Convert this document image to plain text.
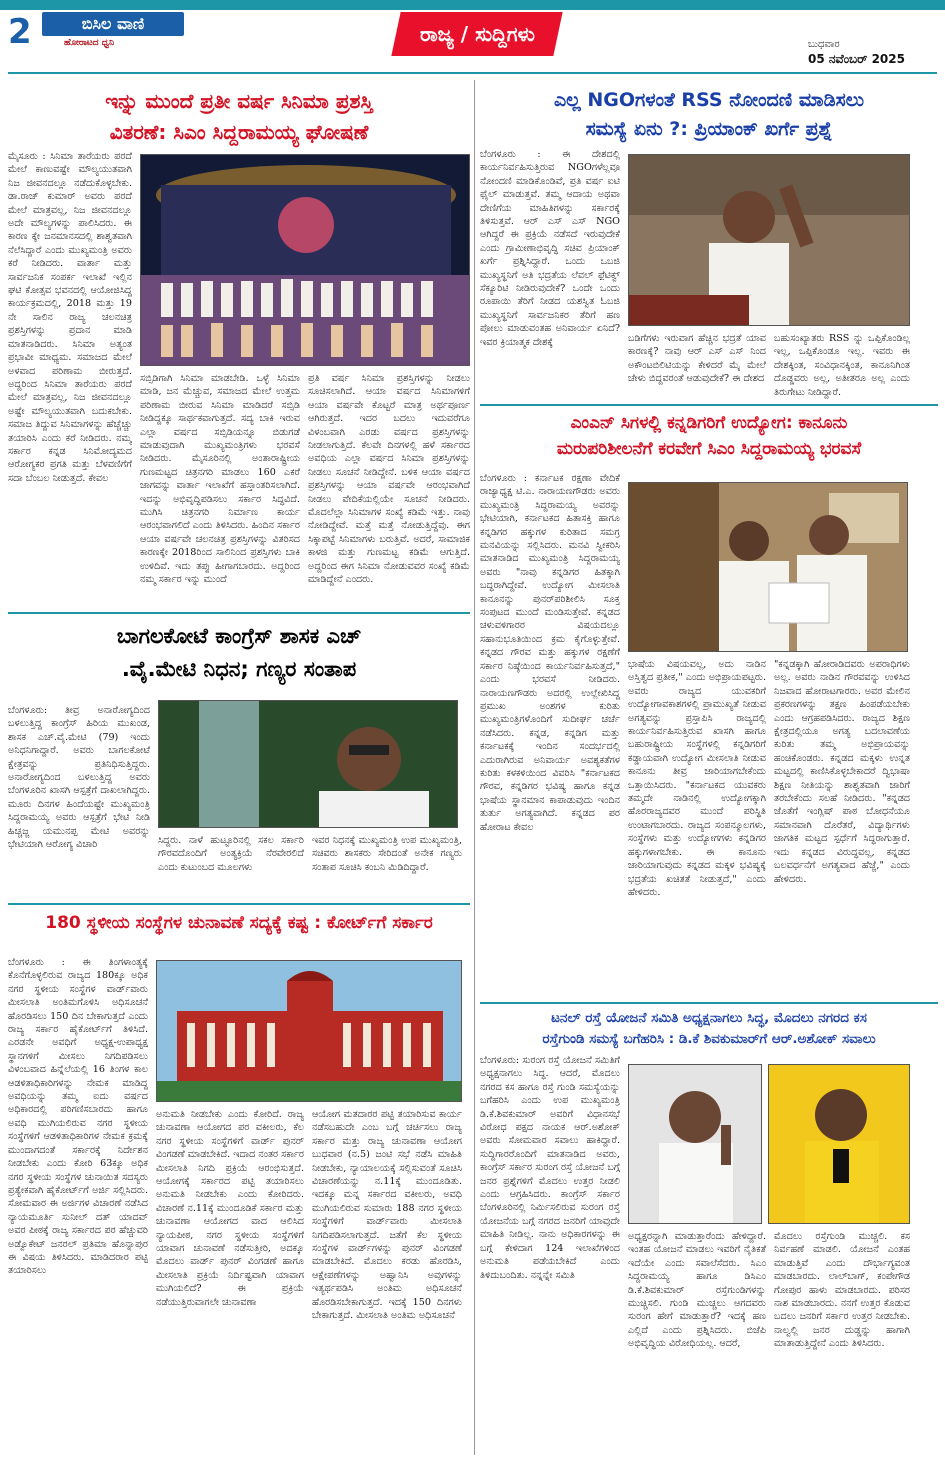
2	ಬಿಸಿಲ ವಾಣಿ
ಹೋರಾಟದ ಧ್ವನಿ	ರಾಜ್ಯ / ಸುದ್ದಿಗಳು	ಬುಧವಾರ
05 ನವೆಂಬರ್ 2025
ಇನ್ನು ಮುಂದೆ ಪ್ರತೀ ವರ್ಷ ಸಿನಿಮಾ ಪ್ರಶಸ್ತಿ
ವಿತರಣೆ: ಸಿಎಂ ಸಿದ್ದರಾಮಯ್ಯ ಘೋಷಣೆ
ಮೈಸೂರು : ಸಿನಿಮಾ ತಾರೆಯರು ಪರದೆ ಮೇಲೆ ಕಾಣುವಷ್ಟೇ ಮೌಲ್ಯಯುತವಾಗಿ ನಿಜ ಜೀವನದಲ್ಲೂ ನಡೆದುಕೊಳ್ಳಬೇಕು. ಡಾ.ರಾಜ್ ಕುಮಾರ್ ಅವರು ಪರದೆ ಮೇಲೆ ಮಾತ್ರವಲ್ಲ, ನಿಜ ಜೀವನದಲ್ಲೂ ಅದೇ ಮೌಲ್ಯಗಳನ್ನು ಪಾಲಿಸಿದರು. ಈ ಕಾರಣ ಕ್ಕೇ ಜನಮಾನಸದಲ್ಲಿ ಶಾಶ್ವತವಾಗಿ ನೆಲೆಸಿದ್ದಾರೆ ಎಂದು ಮುಖ್ಯಮಂತ್ರಿ ಅವರು ಕರೆ ನೀಡಿದರು. ವಾರ್ತಾ ಮತ್ತು ಸಾರ್ವಜನಿಕ ಸಂಪರ್ಕ ಇಲಾಖೆ ಇಲ್ಲಿನ ಘಟಿ ಕೋತ್ಸವ ಭವನದಲ್ಲಿ ಆಯೋಜಿಸಿದ್ದ ಕಾರ್ಯಕ್ರಮದಲ್ಲಿ, 2018 ಮತ್ತು 19 ನೇ ಸಾಲಿನ ರಾಜ್ಯ ಚಲನಚಿತ್ರ ಪ್ರಶಸ್ತಿಗಳನ್ನು ಪ್ರದಾನ ಮಾಡಿ ಮಾತನಾಡಿದರು. ಸಿನಿಮಾ ಅತ್ಯಂತ ಪ್ರಭಾವೀ ಮಾಧ್ಯಮ. ಸಮಾಜದ ಮೇಲೆ ಅಳವಾದ ಪರಿಣಾಮ ಬೀರುತ್ತದೆ. ಅದ್ದರಿಂದ ಸಿನಿಮಾ ತಾರೆಯರು ಪರದೆ ಮೇಲೆ ಮಾತ್ರವಲ್ಲ, ನಿಜ ಜೀವನದಲ್ಲೂ ಅಷ್ಟೇ ಮೌಲ್ಯಯುತವಾಗಿ ಬದುಕಬೇಕು. ಸಮಾಜ ತಿದ್ದುವ ಸಿನಿಮಾಗಳನ್ನು ಹೆಚ್ಚೆಚ್ಚು ತಯಾರಿಸಿ ಎಂದು ಕರೆ ನೀಡಿದರು. ನಮ್ಮ ಸರ್ಕಾರ ಕನ್ನಡ ಸಿನಿಮೋದ್ಯಮದ ಆರೋಗ್ಯಕರ ಪ್ರಗತಿ ಮತ್ತು ಬೆಳವಣಿಗೆಗೆ ಸದಾ ಬೆಂಬಲ ನೀಡುತ್ತದೆ. ಕೇವಲ
ಸಬ್ಸಿಡಿಗಾಗಿ ಸಿನಿಮಾ ಮಾಡಬೇಡಿ. ಒಳ್ಳೆ ಸಿನಿಮಾ ಮಾಡಿ, ಜನ ಮೆಚ್ಚುವ, ಸಮಾಜದ ಮೇಲೆ ಉತ್ತಮ ಪರಿಣಾಮ ಬೀರುವ ಸಿನಿಮಾ ಮಾಡಿದರೆ ಸಬ್ಸಿಡಿ ನೀಡಿದ್ದಕ್ಕೂ ಸಾರ್ಥಕವಾಗುತ್ತದೆ. ಸದ್ಯ ಬಾಕಿ ಇರುವ ಎಲ್ಲಾ ವರ್ಷದ ಸಬ್ಸಿಡಿಯನ್ನೂ ಬಿಡುಗಡೆ ಮಾಡುವುದಾಗಿ ಮುಖ್ಯಮಂತ್ರಿಗಳು ಭರವಸೆ ನೀಡಿದರು. ಮೈಸೂರಿನಲ್ಲಿ ಅಂತಾರಾಷ್ಟ್ರೀಯ ಗುಣಮಟ್ಟದ ಚಿತ್ರನಗರಿ ಮಾಡಲು 160 ಎಕರೆ ಜಾಗವನ್ನು ವಾರ್ತಾ ಇಲಾಖೆಗೆ ಹಸ್ತಾಂತರಿಸಲಾಗಿದೆ. ಇದನ್ನು ಅಭಿವೃದ್ಧಿಪಡಿಸಲು ಸರ್ಕಾರ ಸಿದ್ಧವಿದೆ. ಮುಗಿಸಿ ಚಿತ್ರನಗರಿ ನಿರ್ಮಾಣ ಕಾರ್ಯ ಆರಂಭವಾಗಲಿದೆ ಎಂದು ತಿಳಿಸಿದರು. ಹಿಂದಿನ ಸರ್ಕಾರ ಆಯಾ ವರ್ಷವೇ ಚಲನಚಿತ್ರ ಪ್ರಶಸ್ತಿಗಳನ್ನು ವಿತರಿಸದ ಕಾರಣಕ್ಕೇ 2018ರಿಂದ ಸಾಲಿನಿಂದ ಪ್ರಶಸ್ತಿಗಳು ಬಾಕಿ ಉಳಿದಿವೆ. ಇದು ತಪ್ಪು ಹೀಗಾಗಬಾರದು. ಅದ್ದರಿಂದ ನಮ್ಮ ಸರ್ಕಾರ ಇನ್ನು ಮುಂದೆ
ಪ್ರತಿ ವರ್ಷ ಸಿನಿಮಾ ಪ್ರಶಸ್ತಿಗಳನ್ನು ನೀಡಲು ಸೂಚಿಸಲಾಗಿದೆ. ಆಯಾ ವರ್ಷದ ಸಿನಿಮಾಗಳಿಗೆ ಆಯಾ ವರ್ಷವೇ ಕೊಟ್ಟರೆ ಮಾತ್ರ ಅರ್ಥಪೂರ್ಣ ಆಗಿರುತ್ತದೆ. ಇದರ ಬದಲು ಇದುವರೆಗೂ ವಿಳಂಬವಾಗಿ ಎರಡು ವರ್ಷದ ಪ್ರಶಸ್ತಿಗಳನ್ನು ನೀಡಲಾಗುತ್ತಿದೆ. ಕೆಲವೇ ದಿನಗಳಲ್ಲಿ ಹಳೆ ಸರ್ಕಾರದ ಅವಧಿಯ ಎಲ್ಲಾ ವರ್ಷದ ಸಿನಿಮಾ ಪ್ರಶಸ್ತಿಗಳನ್ನು ನೀಡಲು ಸೂಚನೆ ನೀಡಿದ್ದೇನೆ. ಬಳಿಕ ಆಯಾ ವರ್ಷದ ಪ್ರಶಸ್ತಿಗಳನ್ನು ಆಯಾ ವರ್ಷವೇ ಆರಂಭವಾಗಿದೆ ನೀಡಲು ವೇದಿಕೆಯಲ್ಲಿಯೇ ಸೂಚನೆ ನೀಡಿದರು. ಮೊದಲೆಲ್ಲಾ ಸಿನಿಮಾಗಳ ಸಂಖ್ಯೆ ಕಡಿಮೆ ಇತ್ತು. ನಾವು ನೋಡಿದ್ದೇವೆ. ಮತ್ತೆ ಮತ್ತೆ ನೋಡುತ್ತಿದ್ದೆವು. ಈಗ ಸಿಕ್ಕಾಪಟ್ಟೆ ಸಿನಿಮಾಗಳು ಬರುತ್ತಿವೆ. ಅದರೆ, ಸಾಮಾಜಿಕ ಕಾಳಜಿ ಮತ್ತು ಗುಣಮಟ್ಟ ಕಡಿಮೆ ಆಗುತ್ತಿದೆ. ಅದ್ದರಿಂದ ಈಗ ಸಿನಿಮಾ ನೋಡುವವರ ಸಂಖ್ಯೆ ಕಡಿಮೆ ಮಾಡಿದ್ದೇನೆ ಎಂದರು.
ಎಲ್ಲ NGOಗಳಂತೆ RSS ನೋಂದಣಿ ಮಾಡಿಸಲು
ಸಮಸ್ಯೆ ಏನು ?: ಪ್ರಿಯಾಂಕ್ ಖರ್ಗೆ ಪ್ರಶ್ನೆ
ಬೆಂಗಳೂರು : ಈ ದೇಶದಲ್ಲಿ ಕಾರ್ಯನಿರ್ವಹಿಸುತ್ತಿರುವ NGOಗಳೆಲ್ಲವೂ ನೋಂದಣಿ ಮಾಡಿಕೊಂಡಿವೆ, ಪ್ರತಿ ವರ್ಷ ಐಟಿ ಫೈಲ್ ಮಾಡುತ್ತವೆ. ತಮ್ಮ ಆದಾಯ ಅಥವಾ ದೇಣಿಗೆಯ ಮಾಹಿತಿಗಳನ್ನು ಸರ್ಕಾರಕ್ಕೆ ತಿಳಿಸುತ್ತವೆ. ಆರ್ ಎಸ್ ಎಸ್ NGO ಆಗಿದ್ದರೆ ಈ ಪ್ರಕ್ರಿಯೆ ನಡೆಸದೆ ಇರುವುದೇಕೆ ಎಂದು ಗ್ರಾಮೀಣಾಭಿವೃದ್ಧಿ ಸಚಿವ ಪ್ರಿಯಾಂಕ್ ಖರ್ಗೆ ಪ್ರಶ್ನಿಸಿದ್ದಾರೆ. ಒಂದು ಒಬಜಿ ಮುಖ್ಯಸ್ಥನಿಗೆ ಅತಿ ಭದ್ರತೆಯ ಲೆವಲ್ ಫ಼ೆಟಿಕ್ವ್ ಸೆಕ್ಯೂರಿಟಿ ನೀಡಿರುವುದೇಕೆ? ಒಂದೇ ಒಂದು ರೂಪಾಯಿ ತೆರಿಗೆ ನೀಡದ ಯಶಸ್ವಿತ ಓಬಜಿ ಮುಖ್ಯಸ್ಥನಿಗೆ ಸಾರ್ವಜನಿಕರ ತೆರಿಗೆ ಹಣ ಪೋಲು ಮಾಡುವಂತಹ ಅನಿವಾರ್ಯ ಏನಿದೆ? ಇವರ ಕ್ರಿಯಾತ್ಮಕ ದೇಶಕ್ಕೆ	ಬಡಿಗೆಗಳು ಇರುವಾಗ ಹೆಚ್ಚಿನ ಭದ್ರತೆ ಯಾವ ಕಾರಣಕ್ಕೆ? ನಾವು ಆರ್ ಎಸ್ ಎಸ್ ನಿಂದ ಅಕೌಂಟಬಿಲಿಟಿಯನ್ನು ಕೇಳಿದರೆ ಮೈ ಮೇಲೆ ಚೇಳು ಬಿದ್ದವರಂತೆ ಆಡುವುದೇಕೆ? ಈ ದೇಶದ
ಬಹುಸಂಖ್ಯಾತರು RSS ನ್ನು ಒಪ್ಪಿಕೊಂಡಿಲ್ಲ ಇಲ್ಲ, ಒಪ್ಪಿಕೊಂಡೂ ಇಲ್ಲ. ಇವರು ಈ ದೇಶಕ್ಕಿಂತ, ಸಂವಿಧಾನಕ್ಕಿಂತ, ಕಾನೂನಿಗಿಂತ ದೊಡ್ಡವರು ಅಲ್ಲ, ಅತೀತರೂ ಅಲ್ಲ ಎಂದು ತಿರುಗೇಟು ನೀಡಿದ್ದಾರೆ.
ಎಂಎನ್ ಸಿಗಳಲ್ಲಿ ಕನ್ನಡಿಗರಿಗೆ ಉದ್ಯೋಗ: ಕಾನೂನು
ಮರುಪರಿಶೀಲನೆಗೆ ಕರವೇಗೆ ಸಿಎಂ ಸಿದ್ದರಾಮಯ್ಯ ಭರವಸೆ
ಬೆಂಗಳೂರು : ಕರ್ನಾಟಕ ರಕ್ಷಣಾ ವೇದಿಕೆ ರಾಜ್ಯಾಧ್ಯಕ್ಷ ಟಿ.ಎ. ನಾರಾಯಣಗೌಡರು ಅವರು ಮುಖ್ಯಮಂತ್ರಿ ಸಿದ್ದರಾಮಯ್ಯ ಅವರನ್ನು ಭೇಟಿಯಾಗಿ, ಕರ್ನಾಟಕದ ಹಿತಾಸಕ್ತಿ ಹಾಗೂ ಕನ್ನಡಿಗರ ಹಕ್ಕುಗಳ ಕುರಿತಾದ ಸಮಗ್ರ ಮನವಿಯನ್ನು ಸಲ್ಲಿಸಿದರು. ಮನವಿ ಸ್ವೀಕರಿಸಿ ಮಾತನಾಡಿದ ಮುಖ್ಯಮಂತ್ರಿ ಸಿದ್ದರಾಮಯ್ಯ ಅವರು "ನಾವು ಕನ್ನಡಿಗರ ಹಿತಕ್ಕಾಗಿ ಬದ್ಧರಾಗಿದ್ದೇವೆ. ಉದ್ಯೋಗ ಮೀಸಲಾತಿ ಕಾನೂನನ್ನು ಪುನರ್‌ಪರಿಶೀಲಿಸಿ ಸೂಕ್ತ ಸಂಪುಟದ ಮುಂದೆ ಮಂಡಿಸುತ್ತೇವೆ. ಕನ್ನಡದ ಚಳುವಳಿಗಾರರ ವಿಷಯದಲ್ಲೂ ಸಹಾನುಭೂತಿಯಿಂದ ಕ್ರಮ ಕೈಗೊಳ್ಳುತ್ತೇವೆ. ಕನ್ನಡದ ಗೌರವ ಮತ್ತು ಹಕ್ಕುಗಳ ರಕ್ಷಣೆಗೆ ಸರ್ಕಾರ ನಿಷ್ಠೆಯಿಂದ ಕಾರ್ಯನಿರ್ವಹಿಸುತ್ತದೆ," ಎಂದು ಭರವಸೆ ನೀಡಿದರು. ನಾರಾಯಣಗೌಡರು ಅದರಲ್ಲಿ ಉಲ್ಲೇಖಿಸಿದ್ದ ಪ್ರಮುಖ ಅಂಶಗಳ ಕುರಿತು ಮುಖ್ಯಮಂತ್ರಿಗಳೊಂದಿಗೆ ಸುದೀರ್ಘ ಚರ್ಚೆ ನಡೆಸಿದರು. ಕನ್ನಡ, ಕನ್ನಡಿಗ ಮತ್ತು ಕರ್ನಾಟಕಕ್ಕೆ ಇಂದಿನ ಸಂದರ್ಭದಲ್ಲಿ ಎದುರಾಗಿರುವ ಅನಿವಾರ್ಯ ಅವಶ್ಯಕತೆಗಳ ಕುರಿತು ಕಳಕಳಿಯಿಂದ ವಿವರಿಸಿ "ಕರ್ನಾಟಕದ ಗೌರವ, ಕನ್ನಡಿಗರ ಭವಿಷ್ಯ ಹಾಗೂ ಕನ್ನಡ ಭಾಷೆಯ ಸ್ಥಾನಮಾನ ಕಾಪಾಡುವುದು ಇಂದಿನ ತುರ್ತು ಅಗತ್ಯವಾಗಿದೆ. ಕನ್ನಡದ ಪರ ಹೋರಾಟ ಕೇವಲ
ಭಾಷೆಯ ವಿಷಯವಲ್ಲ, ಅದು ನಾಡಿನ ಅಸ್ತಿತ್ವದ ಪ್ರತೀಕ," ಎಂದು ಅಭಿಪ್ರಾಯಪಟ್ಟರು. ಅವರು ರಾಜ್ಯದ ಯುವಕರಿಗೆ ಉದ್ಯೋಗಾವಕಾಶಗಳಲ್ಲಿ ಪ್ರಾಮುಖ್ಯತೆ ನೀಡುವ ಅಗತ್ಯವನ್ನು ಪ್ರಸ್ತಾಪಿಸಿ ರಾಜ್ಯದಲ್ಲಿ ಕಾರ್ಯನಿರ್ವಹಿಸುತ್ತಿರುವ ಖಾಸಗಿ ಹಾಗೂ ಬಹುರಾಷ್ಟ್ರೀಯ ಸಂಸ್ಥೆಗಳಲ್ಲಿ ಕನ್ನಡಿಗರಿಗೆ ಕಡ್ಡಾಯವಾಗಿ ಉದ್ಯೋಗ ಮೀಸಲಾತಿ ನೀಡುವ ಕಾನೂನು ತೀವ್ರ ಜಾರಿಯಾಗಬೇಕೆಂದು ಒತ್ತಾಯಿಸಿದರು. "ಕರ್ನಾಟಕದ ಯುವಕರು ತಮ್ಮದೇ ನಾಡಿನಲ್ಲಿ ಉದ್ಯೋಗಕ್ಕಾಗಿ ಹೊರರಾಜ್ಯದವರ ಮುಂದೆ ಪರಿಸ್ಥಿತಿ ಉಂಟಾಗಬಾರದು. ರಾಜ್ಯದ ಸಂಪನ್ಮೂಲಗಳು, ಸಂಸ್ಥೆಗಳು ಮತ್ತು ಉದ್ಯೋಗಗಳು ಕನ್ನಡಿಗರ ಹಕ್ಕುಗಳಾಗಬೇಕು. ಈ ಕಾನೂನು ಜಾರಿಯಾಗುವುದು ಕನ್ನಡದ ಮಕ್ಕಳ ಭವಿಷ್ಯಕ್ಕೆ ಭದ್ರತೆಯ ಖಚಿತತೆ ನೀಡುತ್ತದೆ," ಎಂದು ಹೇಳಿದರು.
"ಕನ್ನಡಕ್ಕಾಗಿ ಹೋರಾಡಿದವರು ಅಪರಾಧಿಗಳು ಅಲ್ಲ. ಅವರು ನಾಡಿನ ಗೌರವವನ್ನು ಉಳಿಸಿದ ನಿಜವಾದ ಹೋರಾಟಗಾರರು. ಅವರ ಮೇಲಿನ ಪ್ರಕರಣಗಳನ್ನು ತಕ್ಷಣ ಹಿಂಪಡೆಯಬೇಕು ಎಂದು ಆಗ್ರಹಪಡಿಸಿದರು. ರಾಜ್ಯದ ಶಿಕ್ಷಣ ಕ್ಷೇತ್ರದಲ್ಲಿಯೂ ಅಗತ್ಯ ಬದಲಾವಣೆಯ ಕುರಿತು ತಮ್ಮ ಅಭಿಪ್ರಾಯವನ್ನು ಹಂಚಿಕೊಂಡರು. ಕನ್ನಡದ ಮಕ್ಕಳು ಉನ್ನತ ಮಟ್ಟದಲ್ಲಿ ಕಾಣಿಸಿಕೊಳ್ಳಬೇಕಾದರೆ ದ್ವಿಭಾಷಾ ಶಿಕ್ಷಣ ನೀತಿಯನ್ನು ಶಾಶ್ವತವಾಗಿ ಜಾರಿಗೆ ತರಬೇಕೆಂದು ಸಲಹೆ ನೀಡಿದರು. "ಕನ್ನಡದ ಜೊತೆಗೆ ಇಂಗ್ಲಿಷ್ ಪಾಠ ಬೋಧನೆಯೂ ಸಮಾನವಾಗಿ ದೊರೆತರೆ, ವಿದ್ಯಾರ್ಥಿಗಳು ಜಾಗತಿಕ ಮಟ್ಟದ ಸ್ಪರ್ಧೆಗೆ ಸಿದ್ಧರಾಗುತ್ತಾರೆ. ಇದು ಕನ್ನಡದ ವಿರುದ್ಧವಲ್ಲ, ಕನ್ನಡದ ಬಲವರ್ಧನೆಗೆ ಅಗತ್ಯವಾದ ಹೆಜ್ಜೆ," ಎಂದು ಹೇಳಿದರು.
ಬಾಗಲಕೋಟೆ ಕಾಂಗ್ರೆಸ್ ಶಾಸಕ ಎಚ್
.ವೈ.ಮೇಟಿ ನಿಧನ; ಗಣ್ಯರ ಸಂತಾಪ
ಬೆಂಗಳೂರು: ತೀವ್ರ ಅನಾರೋಗ್ಯದಿಂದ ಬಳಲುತ್ತಿದ್ದ ಕಾಂಗ್ರೆಸ್ ಹಿರಿಯ ಮುಖಂಡ, ಶಾಸಕ ಎಚ್.ವೈ.ಮೇಟಿ (79) ಇಂದು ಅನಿಧನಿಗಾದ್ದಾರೆ. ಅವರು ಬಾಗಲಕೋಟೆ ಕ್ಷೇತ್ರವನ್ನು ಪ್ರತಿನಿಧಿಸುತ್ತಿದ್ದರು. ಅನಾರೋಗ್ಯದಿಂದ ಬಳಲುತ್ತಿದ್ದ ಅವರು ಬೆಂಗಳೂರಿನ ಖಾಸಗಿ ಆಸ್ಪತ್ರೆಗೆ ದಾಖಲಾಗಿದ್ದರು. ಮೂರು ದಿನಗಳ ಹಿಂದೆಯಷ್ಟೇ ಮುಖ್ಯಮಂತ್ರಿ ಸಿದ್ದರಾಮಯ್ಯ ಅವರು ಆಸ್ಪತ್ರೆಗೆ ಭೇಟಿ ನೀಡಿ ಹಿಚ್ಚಜ್ಜ ಯಮುನಪ್ಪ ಮೇಟಿ ಅವರನ್ನು ಭೇಟಿಯಾಗಿ ಆರೋಗ್ಯ ವಿಚಾರಿ	ಸಿದ್ದರು. ನಾಳೆ ಹುಟ್ಟೂರಿನಲ್ಲಿ ಸಕಲ ಸರ್ಕಾರಿ ಗೌರವದೊಂದಿಗೆ ಅಂತ್ಯಕ್ರಿಯೆ ನೆರವೇರಲಿದೆ ಎಂದು ಕುಟುಂಬದ ಮೂಲಗಳು
ಇವರ ನಿಧನಕ್ಕೆ ಮುಖ್ಯಮಂತ್ರಿ ಉಪ ಮುಖ್ಯಮಂತ್ರಿ, ಸಚಿವರು ಶಾಸಕರು ಸೇರಿದಂತೆ ಅನೇಕ ಗಣ್ಯರು ಸಂತಾಪ ಸೂಚಿಸಿ ಕಂಬನಿ ಮಿಡಿದಿದ್ದಾರೆ.
180 ಸ್ಥಳೀಯ ಸಂಸ್ಥೆಗಳ ಚುನಾವಣೆ ಸದ್ಯಕ್ಕೆ ಕಷ್ಟ : ಕೋರ್ಟ್‌ಗೆ ಸರ್ಕಾರ
ಬೆಂಗಳೂರು : ಈ ತಿಂಗಳಾಂತ್ಯಕ್ಕೆ ಕೊನೆಗೊಳ್ಳಲಿರುವ ರಾಜ್ಯದ 180ಕ್ಕೂ ಅಧಿಕ ನಗರ ಸ್ಥಳೀಯ ಸಂಸ್ಥೆಗಳ ವಾರ್ಡ್‌ವಾರು ಮೀಸಲಾತಿ ಅಂತಿಮಗೊಳಿಸಿ ಅಧಿಸೂಚನೆ ಹೊರಡಿಸಲು 150 ದಿನ ಬೇಕಾಗುತ್ತದೆ ಎಂದು ರಾಜ್ಯ ಸರ್ಕಾರ ಹೈಕೋರ್ಟ್‌ಗೆ ತಿಳಿಸಿದೆ. ಎರಡನೇ ಅವಧಿಗೆ ಅಧ್ಯಕ್ಷ-ಉಪಾಧ್ಯಕ್ಷ ಸ್ಥಾನಗಳಿಗೆ ಮೀಸಲು ನಿಗದಿಪಡಿಸಲು ವಿಳಂಬವಾದ ಹಿನ್ನೆಲೆಯಲ್ಲಿ 16 ತಿಂಗಳ ಕಾಲ ಆಡಳಿತಾಧಿಕಾರಿಗಳನ್ನು ನೇಮಕ ಮಾಡಿದ್ದ ಅವಧಿಯನ್ನು ತಮ್ಮ ಐದು ವರ್ಷದ ಅಧಿಕಾರದಲ್ಲಿ ಪರಿಗಣಿಸಬಾರದು ಹಾಗೂ ಅವಧಿ ಮುಗಿಯಲಿರುವ ನಗರ ಸ್ಥಳೀಯ ಸಂಸ್ಥೆಗಳಿಗೆ ಆಡಳಿತಾಧಿಕಾರಿಗಳ ನೇಮಕ ಕ್ರಮಕ್ಕೆ ಮುಂದಾಗದಂತೆ ಸರ್ಕಾರಕ್ಕೆ ನಿರ್ದೇಶನ ನೀಡಬೇಕು ಎಂದು ಕೋರಿ 63ಕ್ಕೂ ಅಧಿಕ ನಗರ ಸ್ಥಳೀಯ ಸಂಸ್ಥೆಗಳ ಚುನಾಯಿತ ಸದಸ್ಯರು ಪ್ರತ್ಯೇಕವಾಗಿ ಹೈಕೋರ್ಟ್‌ಗೆ ಅರ್ಜಿ ಸಲ್ಲಿಸಿದರು. ಸೋಮವಾರ ಈ ಅರ್ಜಿಗಳ ವಿಚಾರಣೆ ನಡೆಸಿದ ನ್ಯಾಯಮೂರ್ತಿ ಸುನೀಲ್ ದತ್ ಯಾದವ್ ಅವರ ಪೀಠಕ್ಕೆ ರಾಜ್ಯ ಸರ್ಕಾರದ ಪರ ಹೆಚ್ಚುವರಿ ಅಡ್ವೊಕೇಟ್ ಜನರಲ್ ಪ್ರತಿಮಾ ಹೊನ್ನಾಪುರ ಈ ವಿಷಯ ತಿಳಿಸಿದರು. ಮಾಡಿದರಾರ ಪಟ್ಟಿ ತಯಾರಿಸಲು
ಅನುಮತಿ ನೀಡಬೇಕು ಎಂದು ಕೋರಿದೆ. ರಾಜ್ಯ ಚುನಾವಣಾ ಆಯೋಗದ ಪರ ವಕೀಲರು, ಕೆಲ ನಗರ ಸ್ಥಳೀಯ ಸಂಸ್ಥೆಗಳಿಗೆ ವಾರ್ಡ್ ಪುನರ್ ವಿಂಗಡಣೆ ಮಾಡಬೇಕಿದೆ. ಇದಾದ ನಂತರ ಸರ್ಕಾರ ಮೀಸಲಾತಿ ನಿಗದಿ ಪ್ರಕ್ರಿಯೆ ಆರಂಭಿಸುತ್ತದೆ. ಆಯೋಗಕ್ಕೆ ಸರ್ಕಾರದ ಪಟ್ಟಿ ತಯಾರಿಸಲು ಅನುಮತಿ ನೀಡಬೇಕು ಎಂದು ಕೋರಿದರು. ವಿಚಾರಣೆ ನ.11ಕ್ಕೆ ಮುಂದೂಡಿಕೆ ಸರ್ಕಾರ ಮತ್ತು ಚುನಾವಣಾ ಆಯೋಗದ ವಾದ ಆಲಿಸಿದ ನ್ಯಾಯಪೀಠ, ನಗರ ಸ್ಥಳೀಯ ಸಂಸ್ಥೆಗಳಿಗೆ ಯಾವಾಗ ಚುನಾವಣೆ ನಡೆಸುತ್ತೀರಿ, ಅದಕ್ಕೂ ಮೊದಲು ವಾರ್ಡ್ ಪುನರ್ ವಿಂಗಡಣೆ ಹಾಗೂ ಮೀಸಲಾತಿ ಪ್ರಕ್ರಿಯೆ ನಿರ್ದಿಷ್ಟವಾಗಿ ಯಾವಾಗ ಮುಗಿಯಲಿದೆ? ಈ ಪ್ರಕ್ರಿಯೆ ನಡೆಯುತ್ತಿರುವಾಗಲೇ ಚುನಾವಣಾ
ಆಯೋಗ ಮತದಾರರ ಪಟ್ಟಿ ತಯಾರಿಸುವ ಕಾರ್ಯ ನಡೆಸಬಹುದೇ ಎಂಬ ಬಗ್ಗೆ ಚರ್ಚಿಸಲು ರಾಜ್ಯ ಸರ್ಕಾರ ಮತ್ತು ರಾಜ್ಯ ಚುನಾವಣಾ ಆಯೋಗ ಬುಧವಾರ (ನ.5) ಜಂಟಿ ಸಭೆ ನಡೆಸಿ ಮಾಹಿತಿ ನೀಡಬೇಕು, ನ್ಯಾಯಾಲಯಕ್ಕೆ ಸಲ್ಲಿಸುವಂತೆ ಸೂಚಿಸಿ ವಿಚಾರಣೆಯನ್ನು ನ.11ಕ್ಕೆ ಮುಂದೂಡಿತು. ಇದಕ್ಕೂ ಮನ್ನ ಸರ್ಕಾರದ ವಕೀಲರು, ಅವಧಿ ಮುಗಿಯಲಿರುವ ಸುಮಾರು 188 ನಗರ ಸ್ಥಳೀಯ ಸಂಸ್ಥೆಗಳಿಗೆ ವಾರ್ಡ್‌ವಾರು ಮೀಸಲಾತಿ ನಿಗದಿಪಡಿಸಲಾಗುತ್ತದೆ. ಜತೆಗೆ ಕೆಲ ಸ್ಥಳೀಯ ಸಂಸ್ಥೆಗಳ ವಾರ್ಡ್‌ಗಳನ್ನು ಪುನರ್ ವಿಂಗಡಣೆ ಮಾಡಬೇಕಿದೆ. ಮೊದಲು ಕರಡು ಹೊರಡಿಸಿ, ಆಕ್ಷೇಪಣೆಗಳನ್ನು ಅಹ್ವಾನಿಸಿ ಅವುಗಳನ್ನು ಇತ್ಯರ್ಥಪಡಿಸಿ ಅಂತಿಮ ಅಧಿಸೂಚನೆ ಹೊರಡಿಸಬೇಕಾಗುತ್ತದೆ. ಇದಕ್ಕೆ 150 ದಿನಗಳು ಬೇಕಾಗುತ್ತದೆ. ಮೀಸಲಾತಿ ಅಂತಿಮ ಅಧಿಸೂಚನೆ
ಟನಲ್ ರಸ್ತೆ ಯೋಜನೆ ಸಮಿತಿ ಅಧ್ಯಕ್ಷನಾಗಲು ಸಿದ್ಧ, ಮೊದಲು ನಗರದ ಕಸ
ರಸ್ತೆಗುಂಡಿ ಸಮಸ್ಯೆ ಬಗೆಹರಿಸಿ : ಡಿ.ಕೆ ಶಿವಕುಮಾರ್‌ಗೆ ಆರ್.ಅಶೋಕ್ ಸವಾಲು
ಬೆಂಗಳೂರು: ಸುರಂಗ ರಸ್ತೆ ಯೋಜನೆ ಸಮಿತಿಗೆ ಅಧ್ಯಕ್ಷನಾಗಲು ಸಿದ್ಧ. ಆದರೆ, ಮೊದಲು ನಗರದ ಕಸ ಹಾಗೂ ರಸ್ತೆ ಗುಂಡಿ ಸಮಸ್ಯೆಯನ್ನು ಬಗೆಹರಿಸಿ ಎಂದು ಉಪ ಮುಖ್ಯಮಂತ್ರಿ ಡಿ.ಕೆ.ಶಿವಕುಮಾರ್ ಅವರಿಗೆ ವಿಧಾನಸಭೆ ವಿರೋಧ ಪಕ್ಷದ ನಾಯಕ ಆರ್.ಅಶೋಕ್ ಅವರು ಸೋಮವಾರ ಸವಾಲು ಹಾಕಿದ್ದಾರೆ. ಸುದ್ದಿಗಾರರೊಂದಿಗೆ ಮಾತನಾಡಿದ ಅವರು, ಕಾಂಗ್ರೆಸ್ ಸರ್ಕಾರ ಸುರಂಗ ರಸ್ತೆ ಯೋಜನೆ ಬಗ್ಗೆ ಜನರ ಪ್ರಶ್ನೆಗಳಿಗೆ ಮೊದಲು ಉತ್ತರ ನೀಡಲಿ ಎಂದು ಆಗ್ರಹಿಸಿದರು. ಕಾಂಗ್ರೆಸ್ ಸರ್ಕಾರ ಬೆಂಗಳೂರಿನಲ್ಲಿ ನಿರ್ಮಿಸಲಿರುವ ಸುರಂಗ ರಸ್ತೆ ಯೋಜನೆಯ ಬಗ್ಗೆ ನಗರದ ಜನರಿಗೆ ಯಾವುದೇ ಮಾಹಿತಿ ನೀಡಿಲ್ಲ. ನಾನು ಅಧಿಕಾರಗಳನ್ನು ಈ ಬಗ್ಗೆ ಕೇಳಿದಾಗ 124 ಇಲಾಖೆಗಳಿಂದ ಅನುಮತಿ ಪಡೆಯಬೇಕಿದೆ ಎಂದು ತಿಳಿದುಬಂದಿತು. ನನ್ನನ್ನೇ ಸಮಿತಿ
ಅಧ್ಯಕ್ಷರನ್ನಾಗಿ ಮಾಡುತ್ತಾರೆಂದು ಹೇಳಿದ್ದಾರೆ. ಇಂತಹ ಯೋಜನೆ ಮಾಡಲು ಇವರಿಗೆ ನೈತಿಕತೆ ಇದೆಯೇ ಎಂದು ಸವಾಲೆಸೆದರು. ಸಿಎಂ ಸಿದ್ದರಾಮಯ್ಯ ಹಾಗೂ ಡಿಸಿಎಂ ಡಿ.ಕೆ.ಶಿವಕುಮಾರ್ ರಸ್ತೆಗುಂಡಿಗಳನ್ನು ಮುಚ್ಚಿಸಲಿ. ಗುಂಡಿ ಮುಚ್ಚಲು ಆಗದವರು ಸುರಂಗ ಹೇಗೆ ಮಾಡುತ್ತಾರೆ? ಇದಕ್ಕೆ ಹಣ ಎಲ್ಲಿದೆ ಎಂದು ಪ್ರಶ್ನಿಸಿದರು. ಬಿಜೆಪಿ ಅಭಿವೃದ್ಧಿಯ ವಿರೋಧಿಯಲ್ಲ. ಆದರೆ,
ಮೊದಲು ರಸ್ತೆಗುಂಡಿ ಮುಚ್ಚಲಿ. ಕಸ ನಿರ್ವಹಣೆ ಮಾಡಲಿ. ಯೋಜನೆ ಎಂತಹ ಮಾಡುತ್ತಿವೆ ಎಂದು ದೌರ್ಭಾಗ್ಯವಂತ ಮಾಡಬಾರದು. ಲಾಲ್‌ಬಾಗ್, ಕಂಪೇಗೌಡ ಗೋಪುರ ಹಾಳು ಮಾಡಬಾರದು. ಪರಿಸರ ನಾಶ ಮಾಡಬಾರದು. ನನಗೆ ಉತ್ತರ ಕೊಡುವ ಬದಲು ಜನರಿಗೆ ಸರ್ಕಾರ ಉತ್ತರ ನೀಡಬೇಕು. ನಾಲ್ವಲ್ಲಿ ಜನರ ದುಡ್ಡನ್ನು ಹಾಗಾಗಿ ಮಾತಾಡುತ್ತಿದ್ದೇನೆ ಎಂದು ತಿಳಿಸಿದರು.
